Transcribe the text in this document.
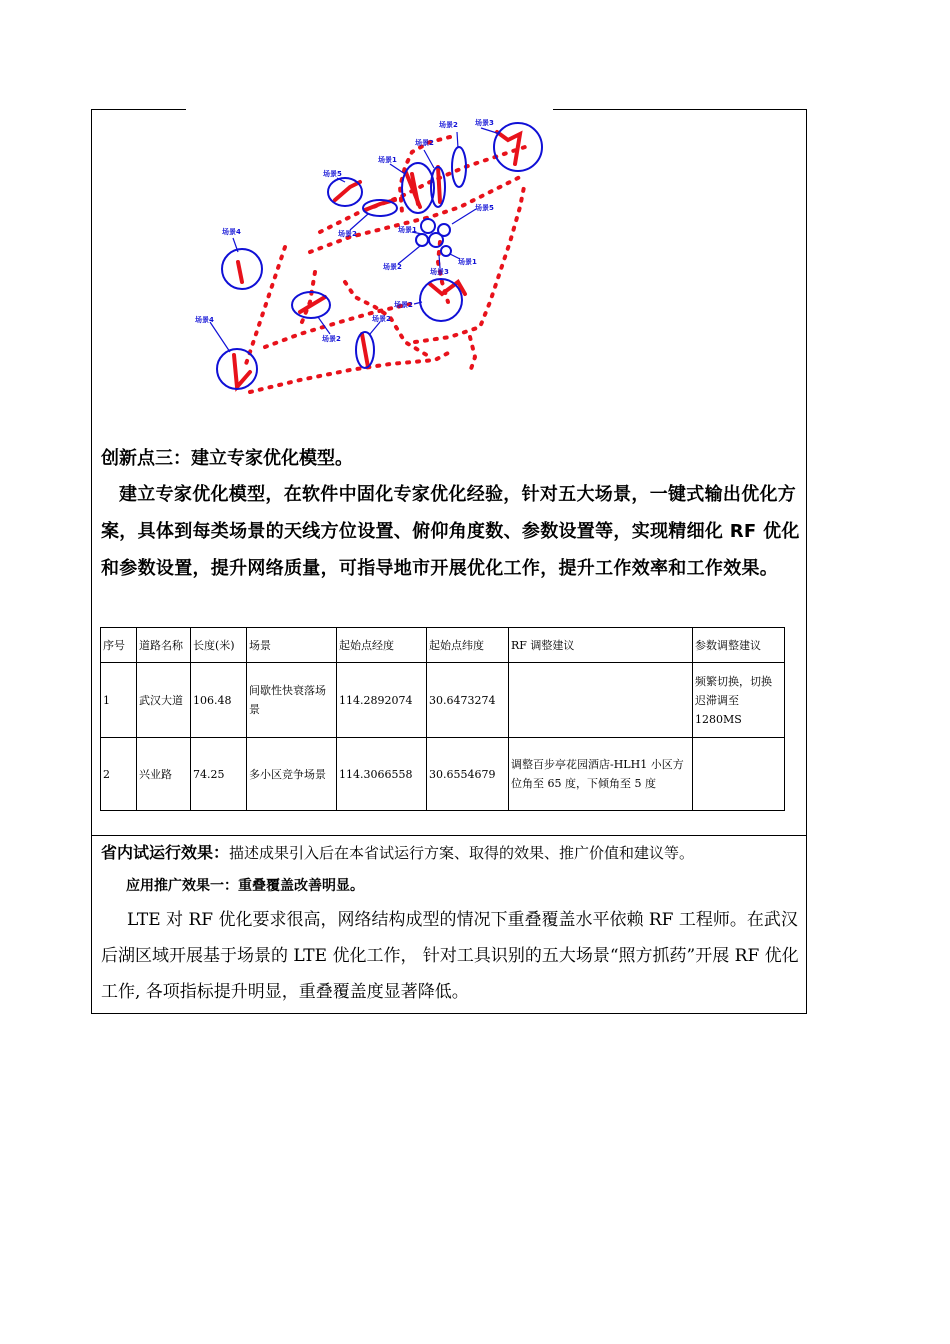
场景2 场景3
场景2
场景1
场景5
场景2
场景4
场景5
场景1
场景2
场景1
场景3
场景2
场景4
场景2
场景2
创新点三：建立专家优化模型。
建立专家优化模型，在软件中固化专家优化经验，针对五大场景，一键式输出优化方案，具体到每类场景的天线方位设置、俯仰角度数、参数设置等，实现精细化 RF 优化和参数设置，提升网络质量，可指导地市开展优化工作，提升工作效率和工作效果。
序号	道路名称	长度(米)	场景	起始点经度	起始点纬度	RF 调整建议	参数调整建议
1	武汉大道	106.48	间歇性快衰落场景	114.2892074	30.6473274		频繁切换，切换迟滞调至 1280MS
2	兴业路	74.25	多小区竞争场景	114.3066558	30.6554679	调整百步亭花园酒店-HLH1 小区方位角至 65 度，下倾角至 5 度	
省内试运行效果：描述成果引入后在本省试运行方案、取得的效果、推广价值和建议等。
应用推广效果一：重叠覆盖改善明显。
LTE 对 RF 优化要求很高，网络结构成型的情况下重叠覆盖水平依赖 RF 工程师。在武汉后湖区域开展基于场景的 LTE 优化工作， 针对工具识别的五大场景“照方抓药”开展 RF 优化工作, 各项指标提升明显，重叠覆盖度显著降低。
